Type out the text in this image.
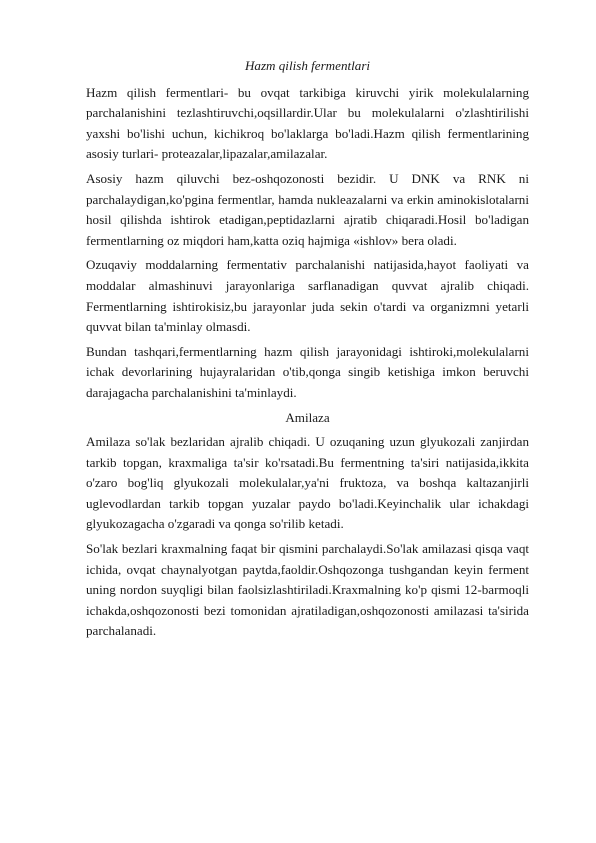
Hazm qilish fermentlari

Hazm qilish fermentlari- bu ovqat tarkibiga kiruvchi yirik molekulalarning parchalanishini tezlashtiruvchi,oqsillardir.Ular bu molekulalarni o'zlashtirilishi yaxshi bo'lishi uchun, kichikroq bo'laklarga bo'ladi.Hazm qilish fermentlarining asosiy turlari- proteazalar,lipazalar,amilazalar.

Asosiy hazm qiluvchi bez-oshqozonosti bezidir. U DNK va RNK ni parchalaydigan,ko'pgina fermentlar, hamda nukleazalarni va erkin aminokislotalarni hosil qilishda ishtirok etadigan,peptidazlarni ajratib chiqaradi.Hosil bo'ladigan fermentlarning oz miqdori ham,katta oziq hajmiga «ishlov» bera oladi.

Ozuqaviy moddalarning fermentativ parchalanishi natijasida,hayot faoliyati va moddalar almashinuvi jarayonlariga sarflanadigan quvvat ajralib chiqadi. Fermentlarning ishtirokisiz,bu jarayonlar juda sekin o'tardi va organizmni yetarli quvvat bilan ta'minlay olmasdi.

Bundan tashqari,fermentlarning hazm qilish jarayonidagi ishtiroki,molekulalarni ichak devorlarining hujayralaridan o'tib,qonga singib ketishiga imkon beruvchi darajagacha parchalanishini ta'minlaydi.

Amilaza

Amilaza so'lak bezlaridan ajralib chiqadi. U ozuqaning uzun glyukozali zanjirdan tarkib topgan, kraxmaliga ta'sir ko'rsatadi.Bu fermentning ta'siri natijasida,ikkita o'zaro bog'liq glyukozali molekulalar,ya'ni fruktoza, va boshqa kaltazanjirli uglevodlardan tarkib topgan yuzalar paydo bo'ladi.Keyinchalik ular ichakdagi glyukozagacha o'zgaradi va qonga so'rilib ketadi.

So'lak bezlari kraxmalning faqat bir qismini parchalaydi.So'lak amilazasi qisqa vaqt ichida, ovqat chaynalyotgan paytda,faoldir.Oshqozonga tushgandan keyin ferment uning nordon suyqligi bilan faolsizlashtiriladi.Kraxmalning ko'p qismi 12-barmoqli ichakda,oshqozonosti bezi tomonidan ajratiladigan,oshqozonosti amilazasi ta'sirida parchalanadi.
